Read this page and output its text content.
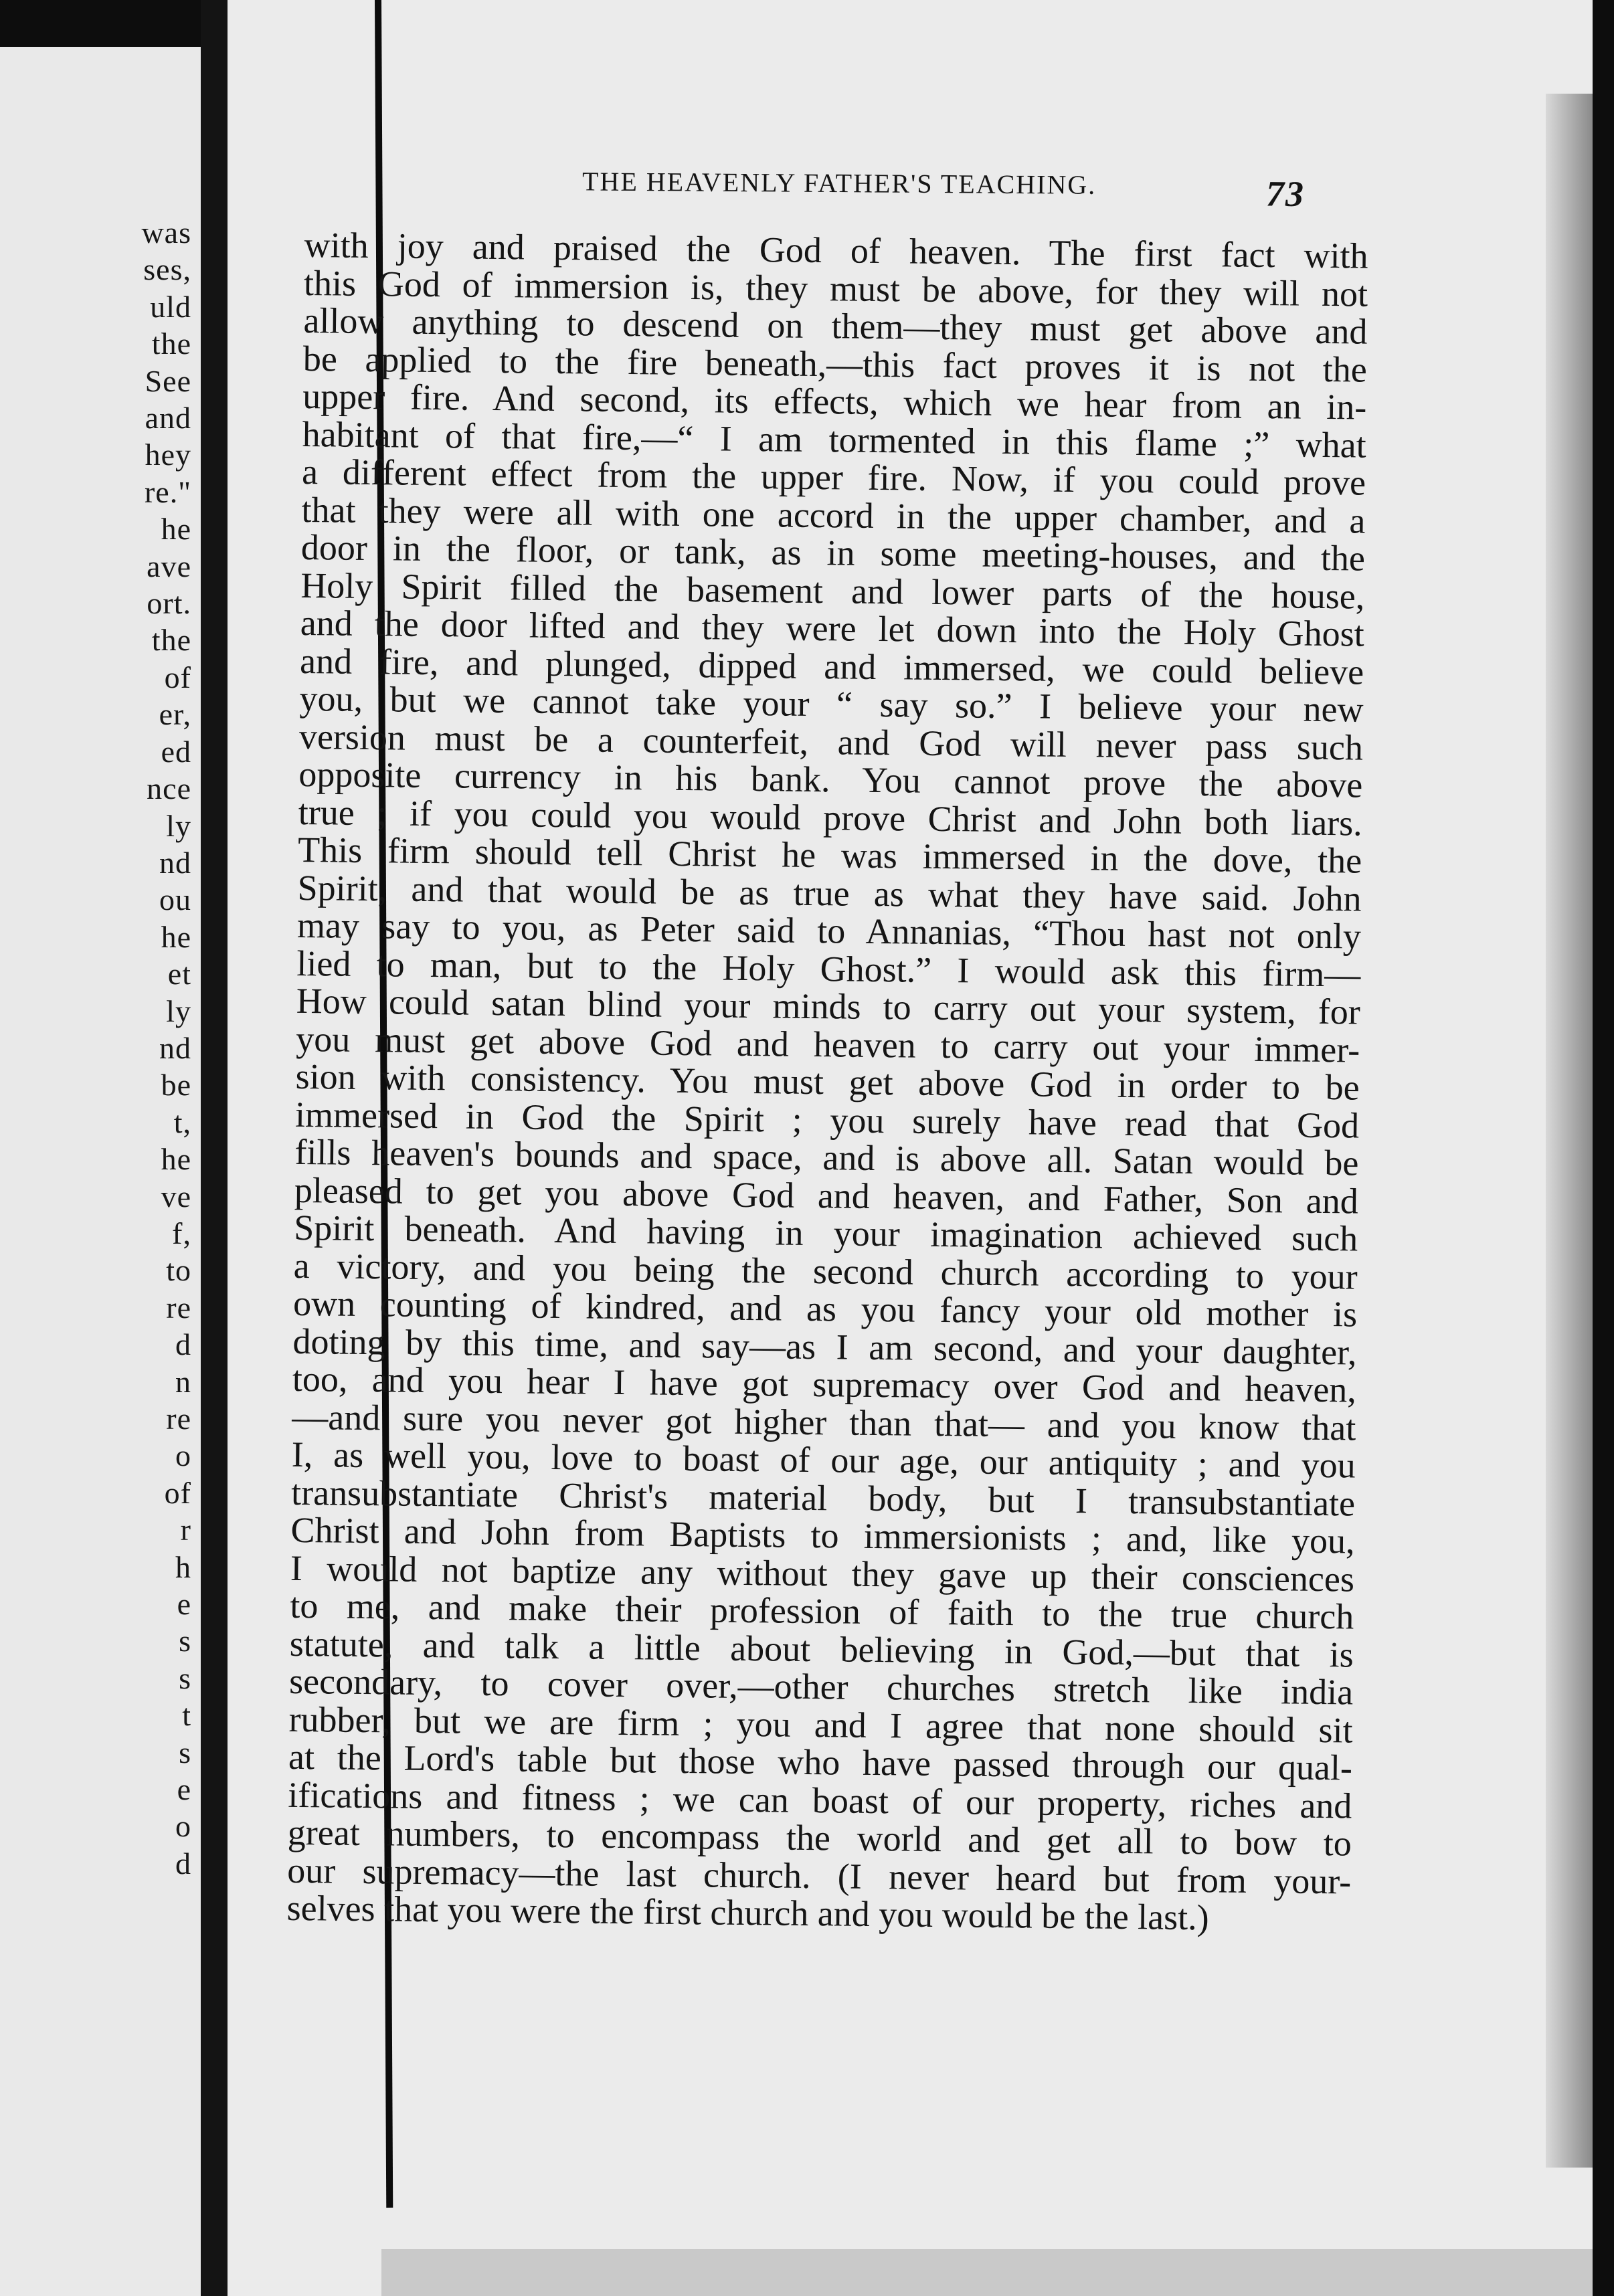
was
ses,
uld
the
See
and
hey
re."
he
ave
ort.
the
of
er,
ed
nce
ly
nd
ou
he
et
ly
nd
be
t,
he
ve
f,
to
re
d
n
re
o
of
r
h
e
s
s
t
s
e
o
d
THE HEAVENLY FATHER'S TEACHING.	73
with joy and praised the God of heaven. The first fact with
this God of immersion is, they must be above, for they will not
allow anything to descend on them—they must get above and
be applied to the fire beneath,—this fact proves it is not the
upper fire. And second, its effects, which we hear from an in-
habitant of that fire,—“ I am tormented in this flame ;” what
a different effect from the upper fire. Now, if you could prove
that they were all with one accord in the upper chamber, and a
door in the floor, or tank, as in some meeting-houses, and the
Holy Spirit filled the basement and lower parts of the house,
and the door lifted and they were let down into the Holy Ghost
and fire, and plunged, dipped and immersed, we could believe
you, but we cannot take your “ say so.” I believe your new
version must be a counterfeit, and God will never pass such
opposite currency in his bank. You cannot prove the above
true ; if you could you would prove Christ and John both liars.
This firm should tell Christ he was immersed in the dove, the
Spirit, and that would be as true as what they have said. John
may say to you, as Peter said to Annanias, “Thou hast not only
lied to man, but to the Holy Ghost.” I would ask this firm—
How could satan blind your minds to carry out your system, for
you must get above God and heaven to carry out your immer-
sion with consistency. You must get above God in order to be
immersed in God the Spirit ; you surely have read that God
fills heaven's bounds and space, and is above all. Satan would be
pleased to get you above God and heaven, and Father, Son and
Spirit beneath. And having in your imagination achieved such
a victory, and you being the second church according to your
own counting of kindred, and as you fancy your old mother is
doting by this time, and say—as I am second, and your daughter,
too, and you hear I have got supremacy over God and heaven,
—and sure you never got higher than that— and you know that
I, as well you, love to boast of our age, our antiquity ; and you
transubstantiate Christ's material body, but I transubstantiate
Christ and John from Baptists to immersionists ; and, like you,
I would not baptize any without they gave up their consciences
to me, and make their profession of faith to the true church
statute, and talk a little about believing in God,—but that is
secondary, to cover over,—other churches stretch like india
rubber, but we are firm ; you and I agree that none should sit
at the Lord's table but those who have passed through our qual-
ifications and fitness ; we can boast of our property, riches and
great numbers, to encompass the world and get all to bow to
our supremacy—the last church. (I never heard but from your-
selves that you were the first church and you would be the last.)
